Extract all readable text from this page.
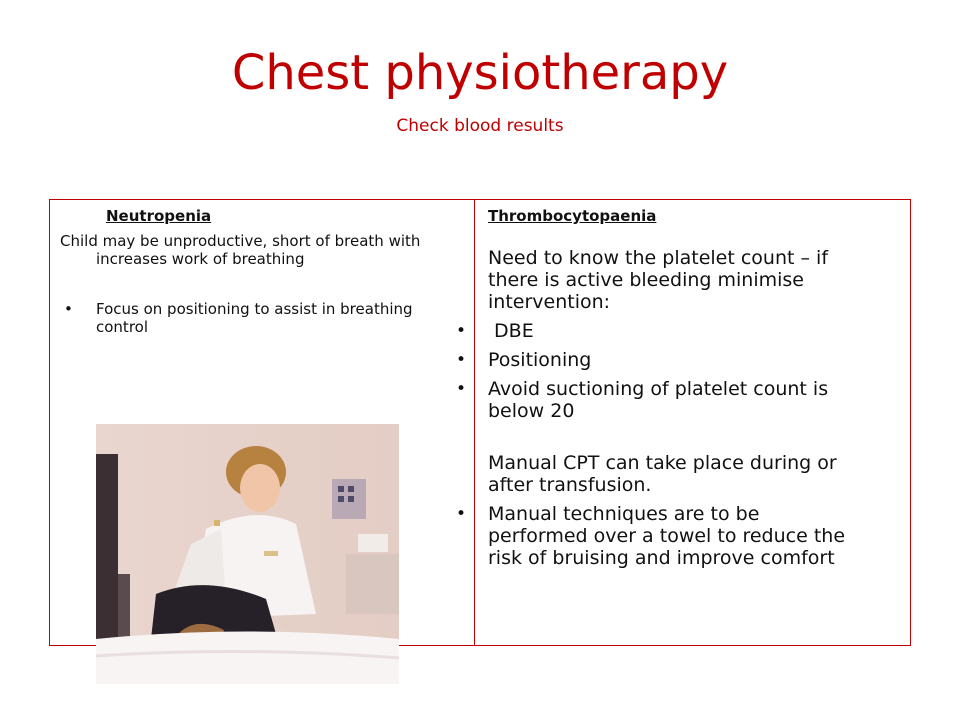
Chest physiotherapy
Check blood results
Neutropenia
Child may be unproductive, short of breath with increases work of breathing
• Focus on positioning to assist in breathing control
Thrombocytopaenia
Need to know the platelet count – if there is active bleeding minimise intervention:
• DBE
• Positioning
• Avoid suctioning of platelet count is below 20
Manual CPT can take place during or after transfusion.
• Manual techniques are to be performed over a towel to reduce the risk of bruising and improve comfort
